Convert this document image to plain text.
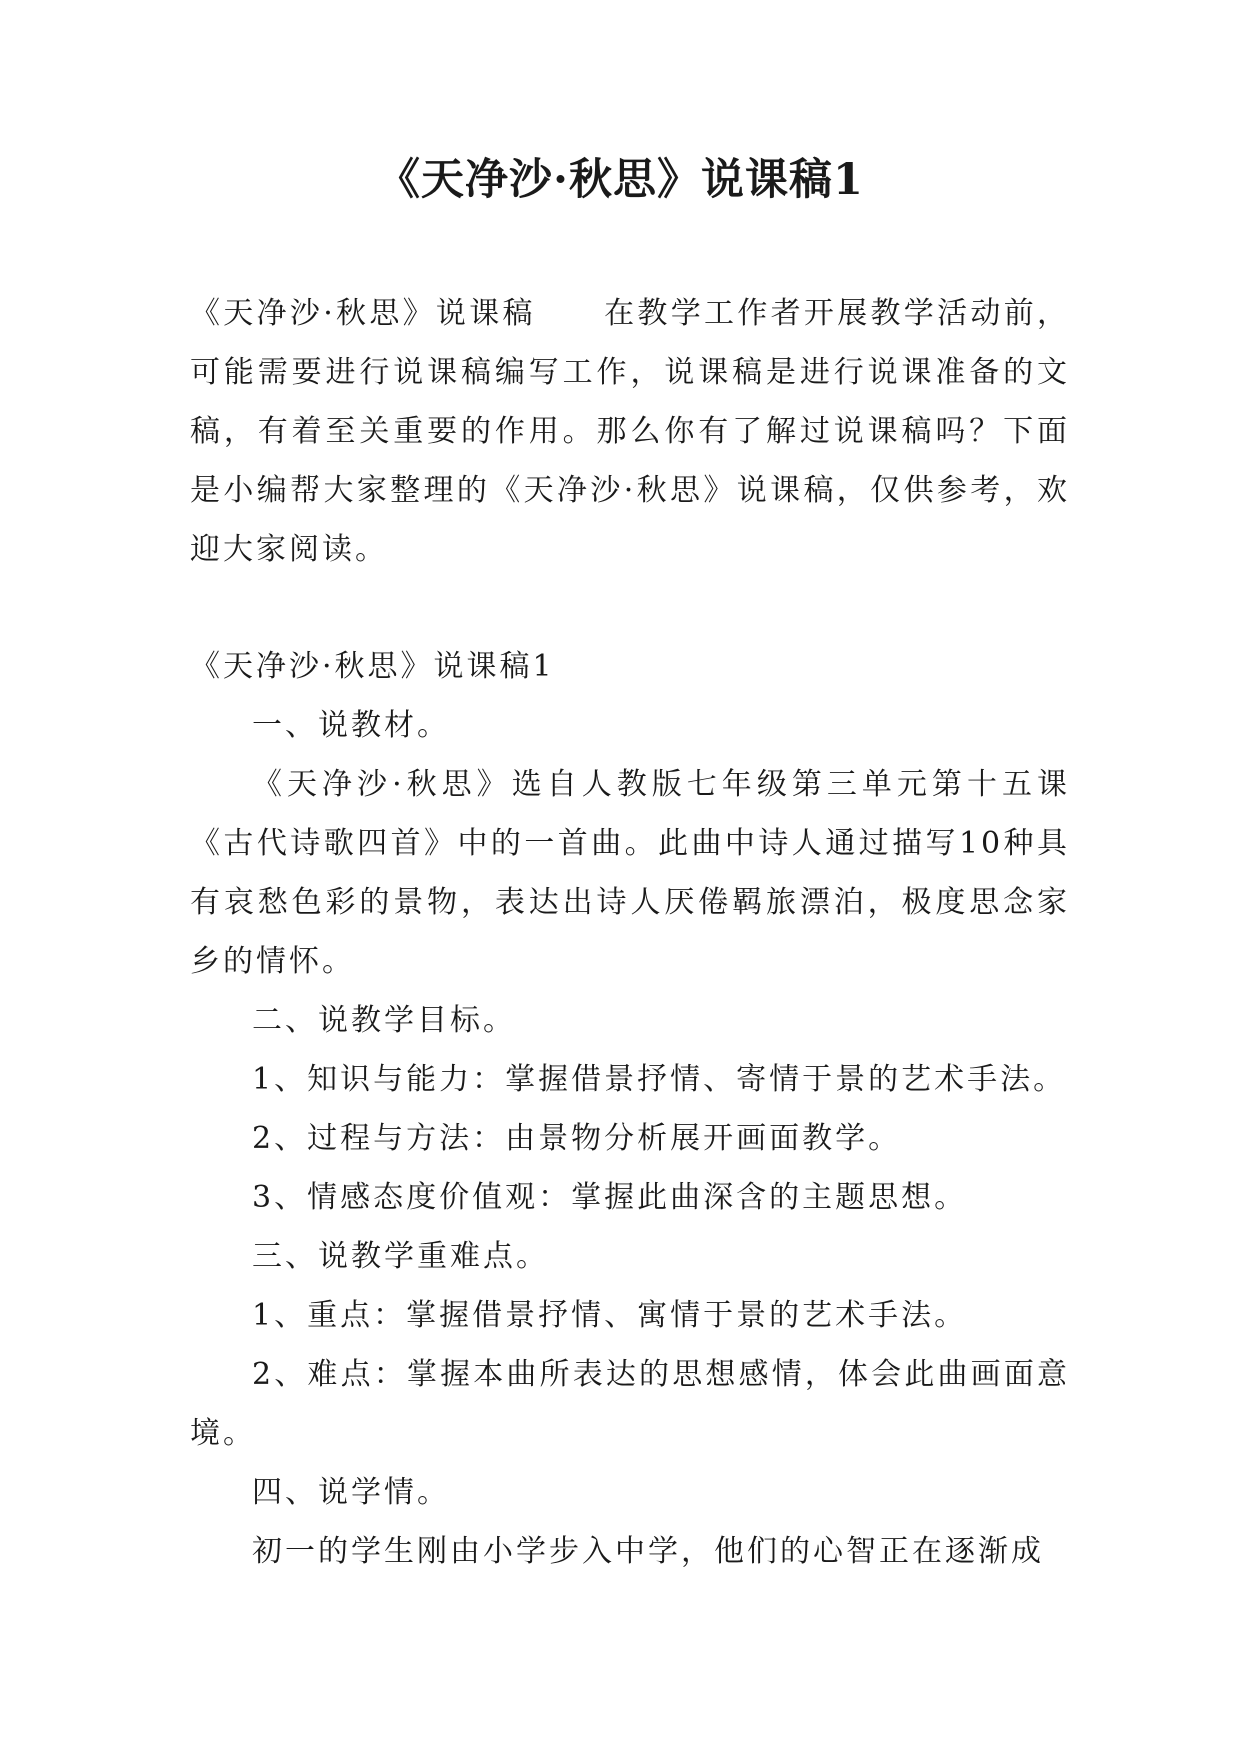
《天净沙·秋思》说课稿1
《天净沙·秋思》说课稿 在教学工作者开展教学活动前，可能需要进行说课稿编写工作，说课稿是进行说课准备的文稿，有着至关重要的作用。那么你有了解过说课稿吗？下面是小编帮大家整理的《天净沙·秋思》说课稿，仅供参考，欢迎大家阅读。
《天净沙·秋思》说课稿1
一、说教材。
《天净沙·秋思》选自人教版七年级第三单元第十五课《古代诗歌四首》中的一首曲。此曲中诗人通过描写10种具有哀愁色彩的景物，表达出诗人厌倦羁旅漂泊，极度思念家乡的情怀。
二、说教学目标。
1、知识与能力：掌握借景抒情、寄情于景的艺术手法。
2、过程与方法：由景物分析展开画面教学。
3、情感态度价值观：掌握此曲深含的主题思想。
三、说教学重难点。
1、重点：掌握借景抒情、寓情于景的艺术手法。
2、难点：掌握本曲所表达的思想感情，体会此曲画面意境。
四、说学情。
初一的学生刚由小学步入中学，他们的心智正在逐渐成
